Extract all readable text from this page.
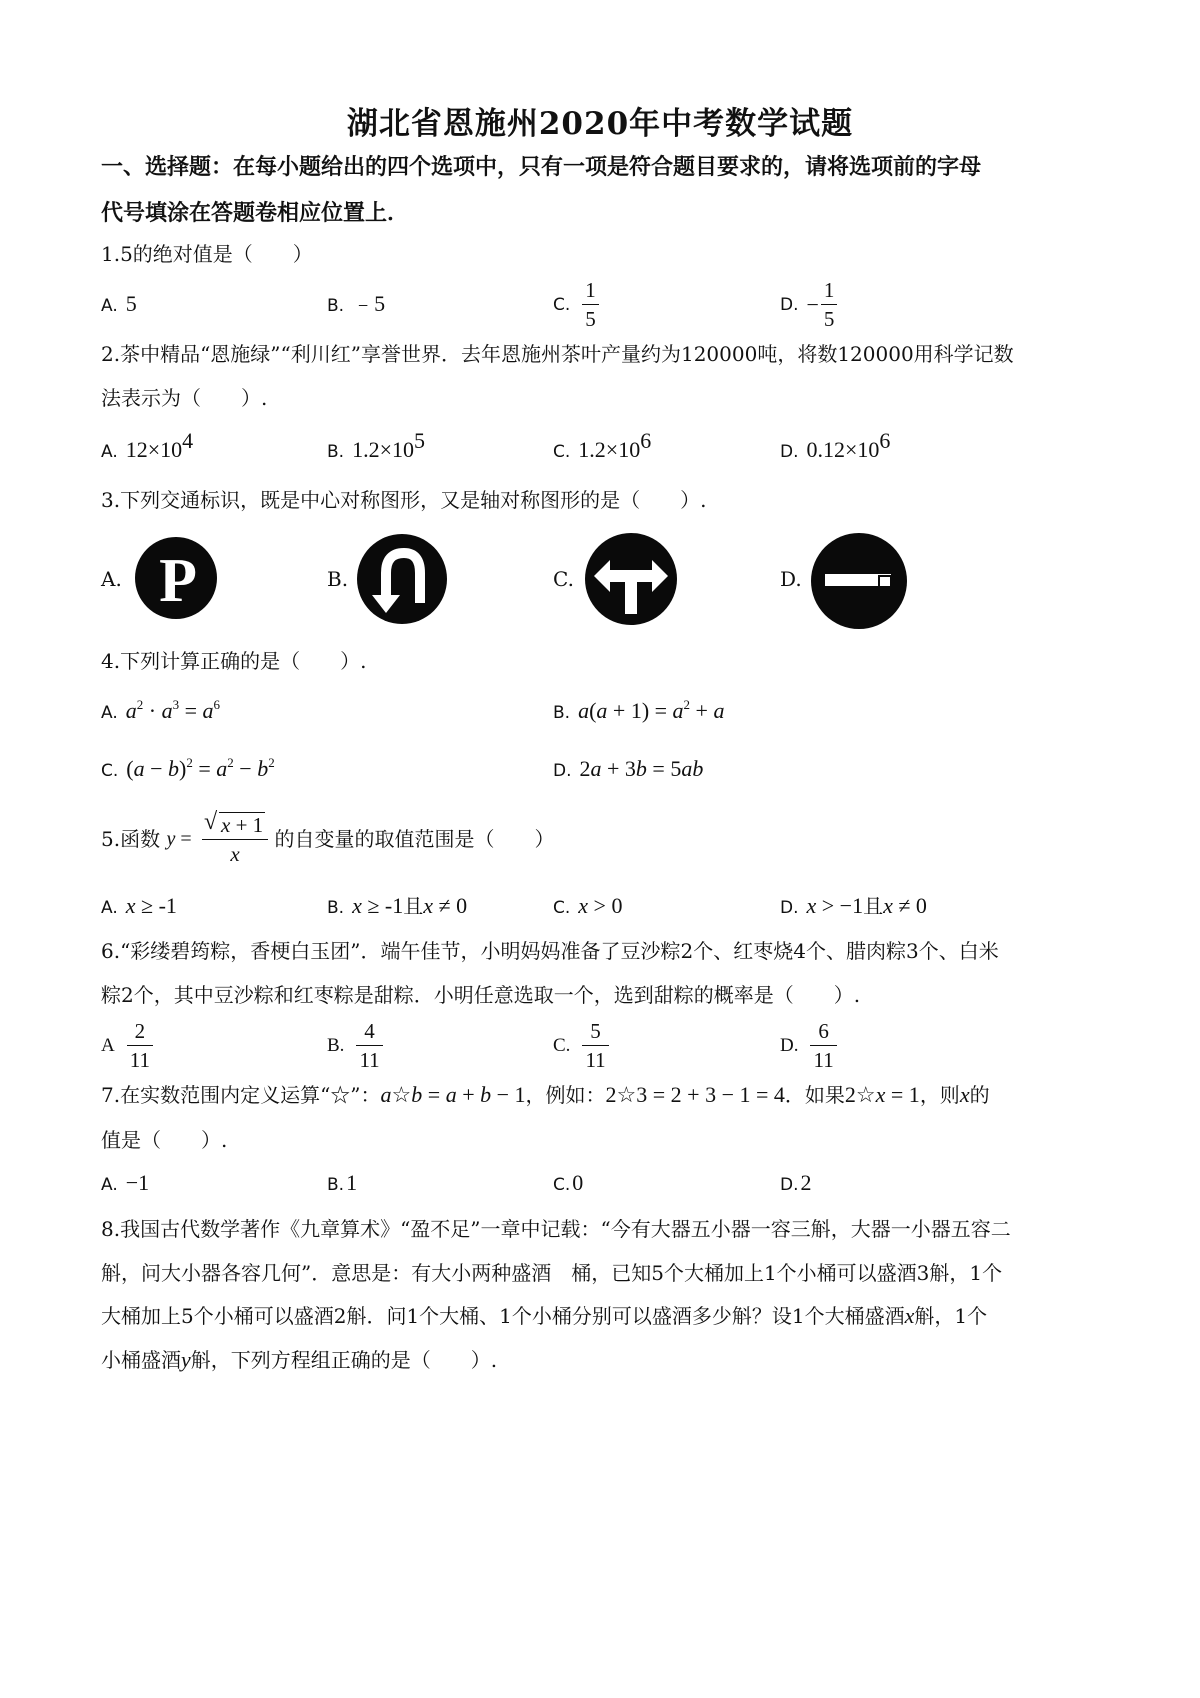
湖北省恩施州2020年中考数学试题
一、选择题：在每小题给出的四个选项中，只有一项是符合题目要求的，请将选项前的字母
代号填涂在答题卷相应位置上．
1.5的绝对值是（　　）
A. 5	B. ﹣5	C. $\frac{1}{5}$	D. − $\frac{1}{5}$
2.茶中精品“恩施绿”“利川红”享誉世界．去年恩施州茶叶产量约为120000吨，将数120000用科学记数
法表示为（　　）.
A. $12\times 10^4$	B. $1.2\times 10^5$	C. $1.2\times 10^6$	D. $0.12\times 10^6$
3.下列交通标识，既是中心对称图形，又是轴对称图形的是（　　）.
A. P	B.	C.	D.
4.下列计算正确的是（　　）.
A. $a^2 \cdot a^3 = a^6$	B. $a(a + 1) = a^2 + a$
C. $(a - b)^2 = a^2 - b^2$	D. 2a + 3b = 5ab
5.函数 y =
√ $\frac{x + 1}{x}$ 的自变量的取值范围是（　　）
A. x ≥ -1	B. x ≥ -1且x ≠ 0	C. x > 0	D. x > −1且x ≠ 0
6.“彩缕碧筠粽，香梗白玉团”．端午佳节，小明妈妈准备了豆沙粽2个、红枣烧4个、腊肉粽3个、白米
粽2个，其中豆沙粽和红枣粽是甜粽．小明任意选取一个，选到甜粽的概率是（　　）.
A $\frac{2}{11}$	B. $\frac{4}{11}$	C. $\frac{5}{11}$	D. $\frac{6}{11}$
7.在实数范围内定义运算“☆”：a☆b = a + b − 1，例如：2☆3 = 2 + 3 − 1 = 4．如果2☆x = 1，则x的
值是（　　）.
A. −1	B.1	C.0	D.2
8.我国古代数学著作《九章算术》“盈不足”一章中记载：“今有大器五小器一容三斛，大器一小器五容二
斛，问大小器各容几何”．意思是：有大小两种盛酒　桶，已知5个大桶加上1个小桶可以盛酒3斛，1个
大桶加上5个小桶可以盛酒2斛．问1个大桶、1个小桶分别可以盛酒多少斛？设1个大桶盛酒x斛，1个
小桶盛酒y斛，下列方程组正确的是（　　）.
